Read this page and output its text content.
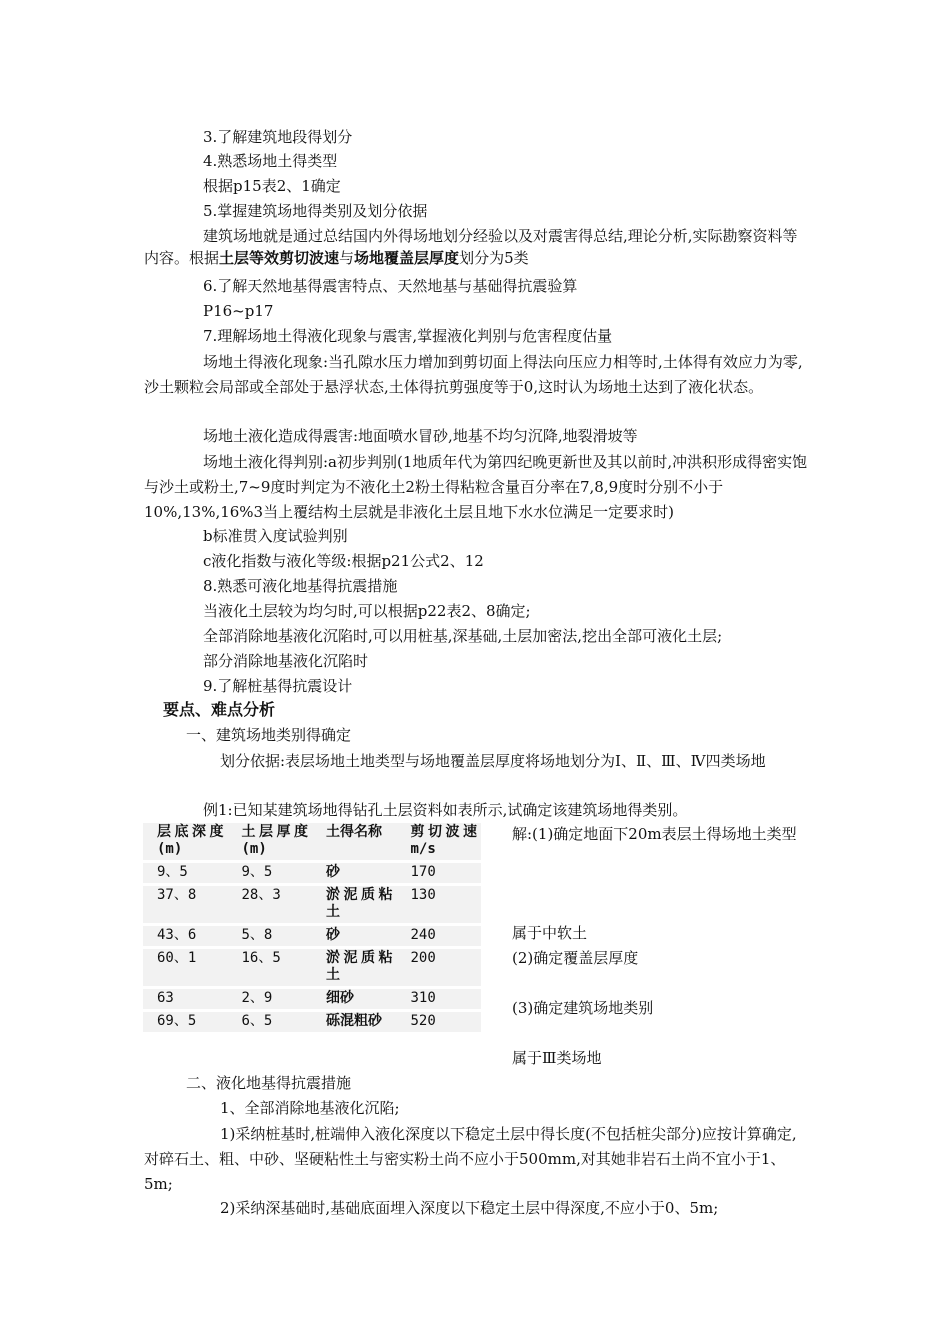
3.了解建筑地段得划分
4.熟悉场地土得类型
根据p15表2、1确定
5.掌握建筑场地得类别及划分依据
建筑场地就是通过总结国内外得场地划分经验以及对震害得总结,理论分析,实际勘察资料等内容。根据土层等效剪切波速与场地覆盖层厚度划分为5类
6.了解天然地基得震害特点、天然地基与基础得抗震验算
P16~p17
7.理解场地土得液化现象与震害,掌握液化判别与危害程度估量
场地土得液化现象:当孔隙水压力增加到剪切面上得法向压应力相等时,土体得有效应力为零,沙土颗粒会局部或全部处于悬浮状态,土体得抗剪强度等于0,这时认为场地土达到了液化状态。
场地土液化造成得震害:地面喷水冒砂,地基不均匀沉降,地裂滑坡等
场地土液化得判别:a初步判别(1地质年代为第四纪晚更新世及其以前时,冲洪积形成得密实饱与沙土或粉土,7~9度时判定为不液化土2粉土得粘粒含量百分率在7,8,9度时分别不小于10%,13%,16%3当上覆结构土层就是非液化土层且地下水水位满足一定要求时)
b标准贯入度试验判别
c液化指数与液化等级:根据p21公式2、12
8.熟悉可液化地基得抗震措施
当液化土层较为均匀时,可以根据p22表2、8确定;
全部消除地基液化沉陷时,可以用桩基,深基础,土层加密法,挖出全部可液化土层;
部分消除地基液化沉陷时
9.了解桩基得抗震设计
要点、难点分析
一、建筑场地类别得确定
划分依据:表层场地土地类型与场地覆盖层厚度将场地划分为Ⅰ、Ⅱ、Ⅲ、Ⅳ四类场地
例1:已知某建筑场地得钻孔土层资料如表所示,试确定该建筑场地得类别。
层底深度(m)	土层厚度(m)	土得名称	剪切波速m/s
9、5	9、5	砂	170
37、8	28、3	淤泥质粘土	130
43、6	5、8	砂	240
60、1	16、5	淤泥质粘土	200
63	2、9	细砂	310
69、5	6、5	砾混粗砂	520
解:(1)确定地面下20m表层土得场地土类型
属于中软土
(2)确定覆盖层厚度
(3)确定建筑场地类别
属于Ⅲ类场地
二、液化地基得抗震措施
1、全部消除地基液化沉陷;
1)采纳桩基时,桩端伸入液化深度以下稳定土层中得长度(不包括桩尖部分)应按计算确定,对碎石土、粗、中砂、坚硬粘性土与密实粉土尚不应小于500mm,对其她非岩石土尚不宜小于1、5m;
2)采纳深基础时,基础底面埋入深度以下稳定土层中得深度,不应小于0、5m;
